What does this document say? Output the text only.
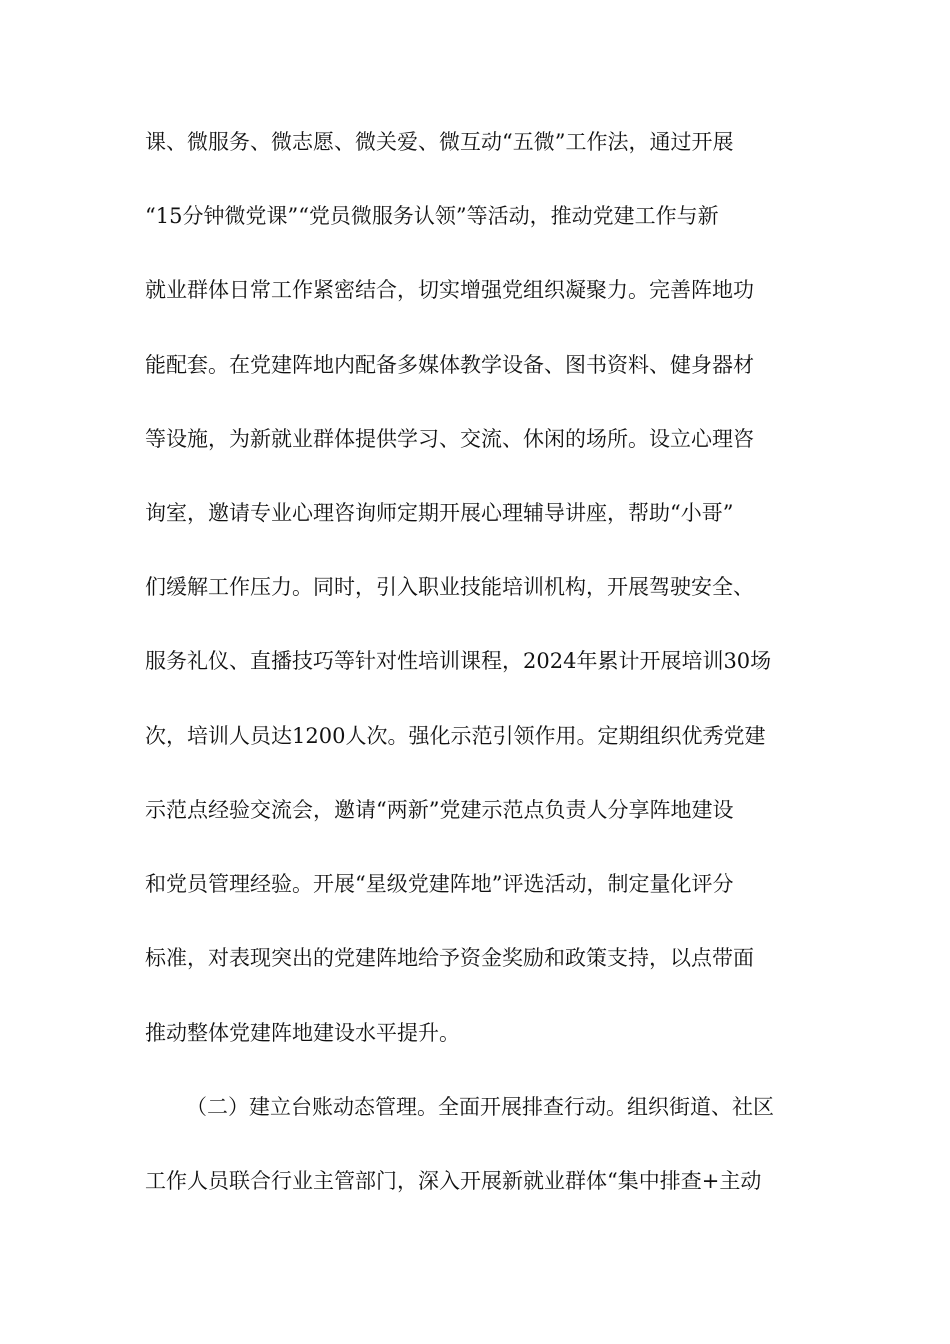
课、微服务、微志愿、微关爱、微互动“五微”工作法，通过开展
“15分钟微党课”“党员微服务认领”等活动，推动党建工作与新
就业群体日常工作紧密结合，切实增强党组织凝聚力。完善阵地功
能配套。在党建阵地内配备多媒体教学设备、图书资料、健身器材
等设施，为新就业群体提供学习、交流、休闲的场所。设立心理咨
询室，邀请专业心理咨询师定期开展心理辅导讲座，帮助“小哥”
们缓解工作压力。同时，引入职业技能培训机构，开展驾驶安全、
服务礼仪、直播技巧等针对性培训课程，2024年累计开展培训30场
次，培训人员达1200人次。强化示范引领作用。定期组织优秀党建
示范点经验交流会，邀请“两新”党建示范点负责人分享阵地建设
和党员管理经验。开展“星级党建阵地”评选活动，制定量化评分
标准，对表现突出的党建阵地给予资金奖励和政策支持，以点带面
推动整体党建阵地建设水平提升。
（二）建立台账动态管理。全面开展排查行动。组织街道、社区
工作人员联合行业主管部门，深入开展新就业群体“集中排查+主动
